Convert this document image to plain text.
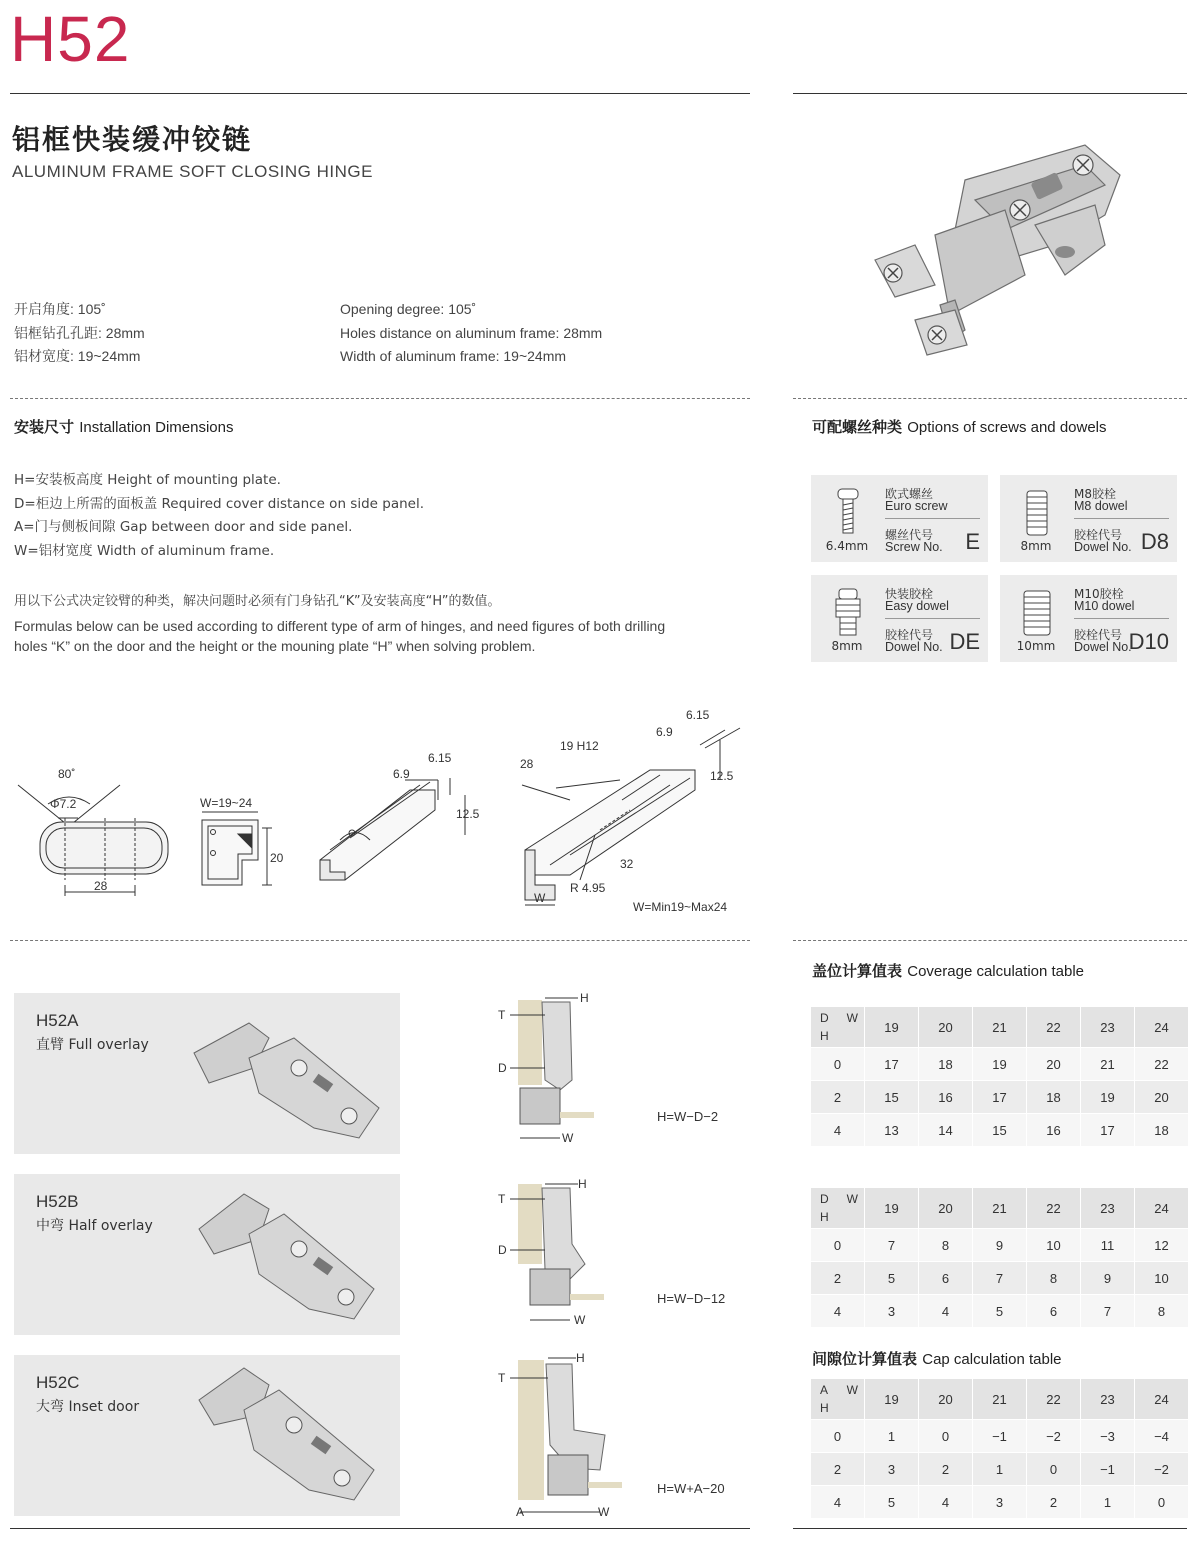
H52
铝框快装缓冲铰链
ALUMINUM FRAME SOFT CLOSING HINGE
开启角度: 105˚
铝框钻孔孔距: 28mm
铝材宽度: 19~24mm
Opening degree: 105˚
Holes distance on aluminum frame: 28mm
Width of aluminum frame: 19~24mm
安装尺寸 Installation Dimensions
H=安装板高度 Height of mounting plate.
D=柜边上所需的面板盖 Required cover distance on side panel.
A=门与侧板间隙 Gap between door and side panel.
W=铝材宽度 Width of aluminum frame.
用以下公式决定铰臂的种类，解决问题时必须有门身钻孔“K”及安装高度“H”的数值。
Formulas below can be used according to different type of arm of hinges, and need figures of both drilling holes “K” on the door and the height or the mouning plate “H” when solving problem.
80˚
Φ7.2
28
W=19~24
20
6.9
6.15
12.5
28
19 H12
6.9
6.15
12.5
32
R 4.95
W
W=Min19~Max24
可配螺丝种类 Options of screws and dowels
6.4mm
欧式螺丝
Euro screw
螺丝代号
Screw No. E	8mm
M8胶栓
M8 dowel
胶栓代号
Dowel No. D8
8mm
快装胶栓
Easy dowel
胶栓代号
Dowel No. DE	10mm
M10胶栓
M10 dowel
胶栓代号
Dowel No.
D10
H52A
直臂 Full overlay
H52B
中弯 Half overlay
H52C
大弯 Inset door
T
D
H
W
H=W−D−2
T
D
H
W
H=W−D−12
T
A
H
W
H=W+A−20
盖位计算值表 Coverage calculation table
D W
H	19	20	21	22	23	24
0	17	18	19	20	21	22
2	15	16	17	18	19	20
4	13	14	15	16	17	18
D W
H	19	20	21	22	23	24
0	7	8	9	10	11	12
2	5	6	7	8	9	10
4	3	4	5	6	7	8
间隙位计算值表 Cap calculation table
A W
H	19	20	21	22	23	24
0	1	0	−1	−2	−3	−4
2	3	2	1	0	−1	−2
4	5	4	3	2	1	0
